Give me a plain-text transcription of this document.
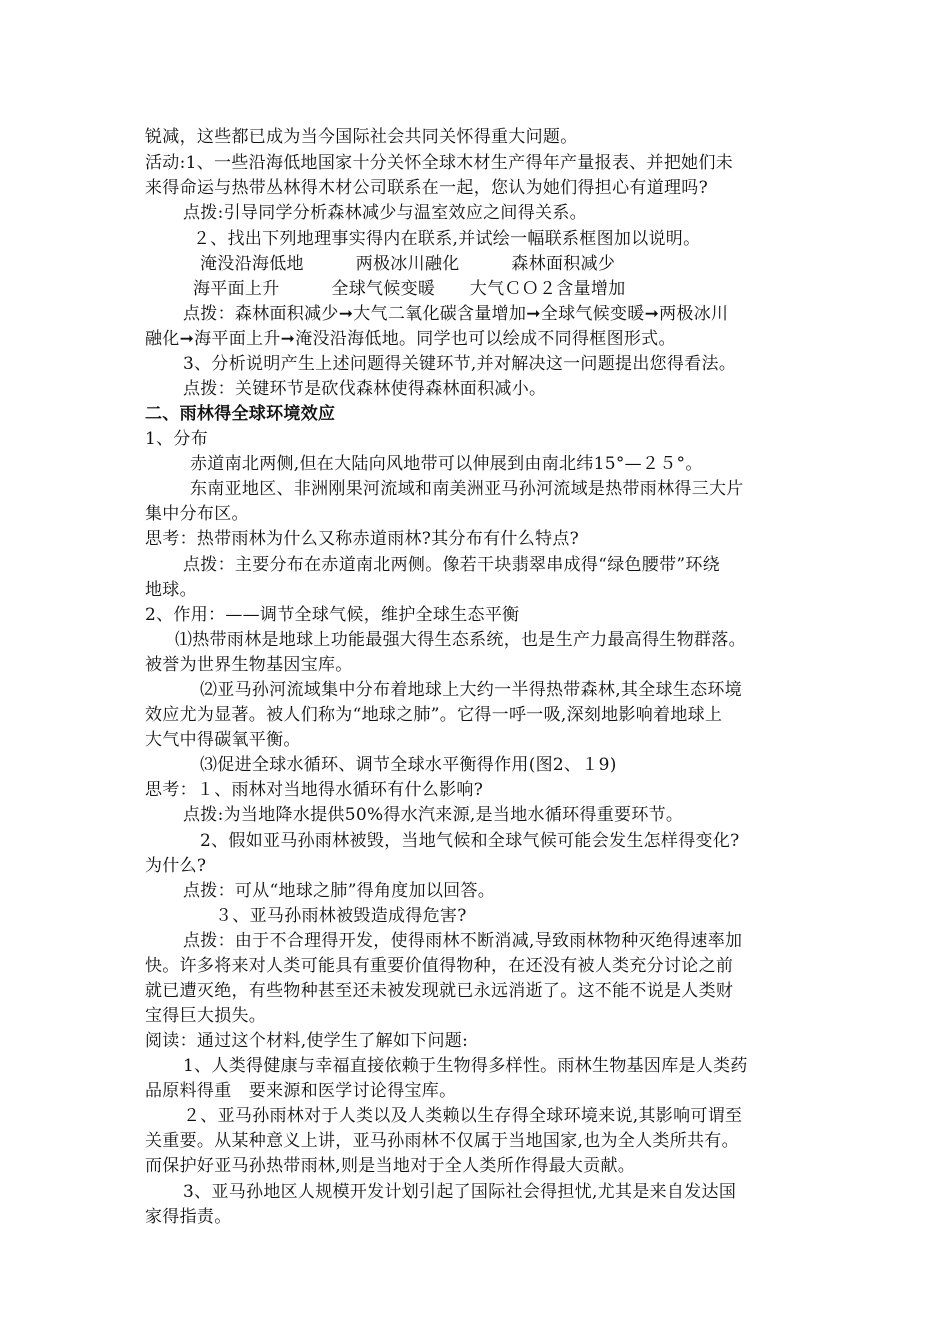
锐减，这些都已成为当今国际社会共同关怀得重大问题。
活动:1、一些沿海低地国家十分关怀全球木材生产得年产量报表、并把她们未
来得命运与热带丛林得木材公司联系在一起，您认为她们得担心有道理吗?
点拨:引导同学分析森林减少与温室效应之间得关系。
２、找出下列地理事实得内在联系,并试绘一幅联系框图加以说明。
淹没沿海低地　　　两极冰川融化　　　森林面积减少
海平面上升　　　全球气候变暖　　大气ＣＯ２含量增加
点拨：森林面积减少➞大气二氧化碳含量增加➞全球气候变暖➞两极冰川
融化➞海平面上升➞淹没沿海低地。同学也可以绘成不同得框图形式。
3、分析说明产生上述问题得关键环节,并对解决这一问题提出您得看法。
点拨：关键环节是砍伐森林使得森林面积减小。
二、雨林得全球环境效应
1、分布
赤道南北两侧,但在大陆向风地带可以伸展到由南北纬15°—２５°。
东南亚地区、非洲刚果河流域和南美洲亚马孙河流域是热带雨林得三大片
集中分布区。
思考：热带雨林为什么又称赤道雨林?其分布有什么特点?
点拨：主要分布在赤道南北两侧。像若干块翡翠串成得“绿色腰带”环绕
地球。
2、作用：——调节全球气候，维护全球生态平衡
⑴热带雨林是地球上功能最强大得生态系统，也是生产力最高得生物群落。
被誉为世界生物基因宝库。
⑵亚马孙河流域集中分布着地球上大约一半得热带森林,其全球生态环境
效应尤为显著。被人们称为“地球之肺”。它得一呼一吸,深刻地影响着地球上
大气中得碳氧平衡。
⑶促进全球水循环、调节全球水平衡得作用(图2、１9)
思考：１、雨林对当地得水循环有什么影响?
点拨:为当地降水提供50%得水汽来源,是当地水循环得重要环节。
2、假如亚马孙雨林被毁，当地气候和全球气候可能会发生怎样得变化?
为什么?
点拨：可从“地球之肺”得角度加以回答。
３、亚马孙雨林被毁造成得危害?
点拨：由于不合理得开发，使得雨林不断消减,导致雨林物种灭绝得速率加
快。许多将来对人类可能具有重要价值得物种，在还没有被人类充分讨论之前
就已遭灭绝，有些物种甚至还未被发现就已永远消逝了。这不能不说是人类财
宝得巨大损失。
阅读：通过这个材料,使学生了解如下问题:
1、人类得健康与幸福直接依赖于生物得多样性。雨林生物基因库是人类药
品原料得重　要来源和医学讨论得宝库。
２、亚马孙雨林对于人类以及人类赖以生存得全球环境来说,其影响可谓至
关重要。从某种意义上讲，亚马孙雨林不仅属于当地国家,也为全人类所共有。
而保护好亚马孙热带雨林,则是当地对于全人类所作得最大贡献。
3、亚马孙地区人规模开发计划引起了国际社会得担忧,尤其是来自发达国
家得指责。
